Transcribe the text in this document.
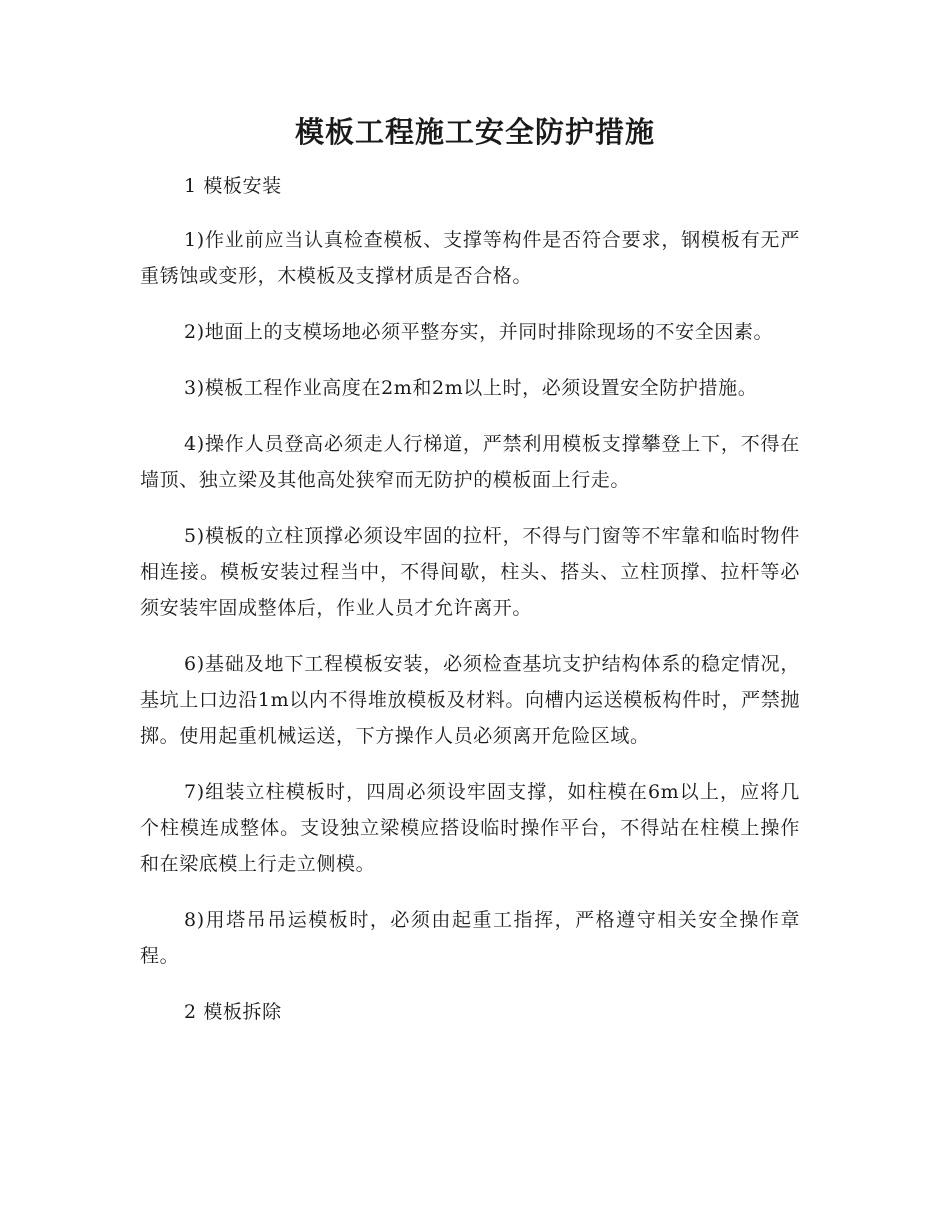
模板工程施工安全防护措施

1 模板安装

1)作业前应当认真检查模板、支撑等构件是否符合要求，钢模板有无严重锈蚀或变形，木模板及支撑材质是否合格。

2)地面上的支模场地必须平整夯实，并同时排除现场的不安全因素。

3)模板工程作业高度在2m和2m以上时，必须设置安全防护措施。

4)操作人员登高必须走人行梯道，严禁利用模板支撑攀登上下，不得在墙顶、独立梁及其他高处狭窄而无防护的模板面上行走。

5)模板的立柱顶撑必须设牢固的拉杆，不得与门窗等不牢靠和临时物件相连接。模板安装过程当中，不得间歇，柱头、搭头、立柱顶撑、拉杆等必须安装牢固成整体后，作业人员才允许离开。

6)基础及地下工程模板安装，必须检查基坑支护结构体系的稳定情况，基坑上口边沿1m以内不得堆放模板及材料。向槽内运送模板构件时，严禁抛掷。使用起重机械运送，下方操作人员必须离开危险区域。

7)组装立柱模板时，四周必须设牢固支撑，如柱模在6m以上，应将几个柱模连成整体。支设独立梁模应搭设临时操作平台，不得站在柱模上操作和在梁底模上行走立侧模。

8)用塔吊吊运模板时，必须由起重工指挥，严格遵守相关安全操作章程。

2 模板拆除
